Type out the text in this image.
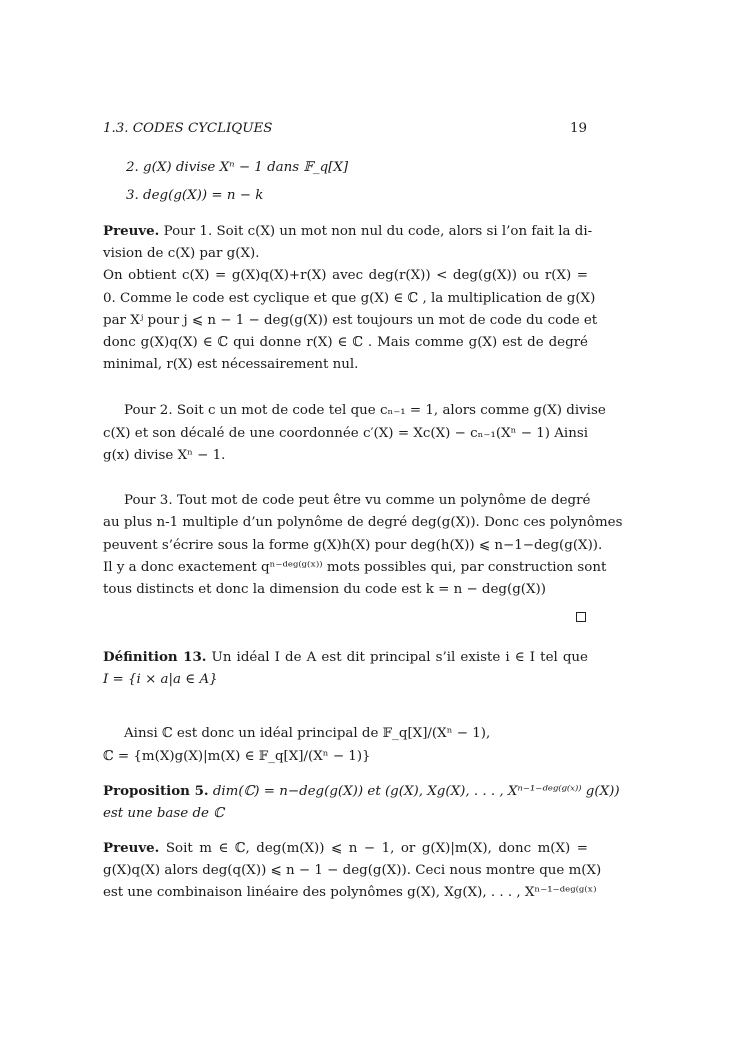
1.3. CODES CYCLIQUES	19
2. g(X) divise Xⁿ − 1 dans 𝔽_q[X]
3. deg(g(X)) = n − k
Preuve. Pour 1. Soit c(X) un mot non nul du code, alors si l’on fait la di-
vision de c(X) par g(X).
On obtient c(X) = g(X)q(X)+r(X) avec deg(r(X)) < deg(g(X)) ou r(X) =
0. Comme le code est cyclique et que g(X) ∈ ℂ , la multiplication de g(X)
par Xʲ pour j ⩽ n − 1 − deg(g(X)) est toujours un mot de code du code et
donc g(X)q(X) ∈ ℂ qui donne r(X) ∈ ℂ . Mais comme g(X) est de degré
minimal, r(X) est nécessairement nul.
Pour 2. Soit c un mot de code tel que cₙ₋₁ = 1, alors comme g(X) divise
c(X) et son décalé de une coordonnée c′(X) = Xc(X) − cₙ₋₁(Xⁿ − 1) Ainsi
g(x) divise Xⁿ − 1.
Pour 3. Tout mot de code peut être vu comme un polynôme de degré
au plus n-1 multiple d’un polynôme de degré deg(g(X)). Donc ces polynômes
peuvent s’écrire sous la forme g(X)h(X) pour deg(h(X)) ⩽ n−1−deg(g(X)).
Il y a donc exactement qⁿ⁻ᵈᵉᵍ⁽ᵍ⁽ˣ⁾⁾ mots possibles qui, par construction sont
tous distincts et donc la dimension du code est k = n − deg(g(X))
Définition 13. Un idéal I de A est dit principal s’il existe i ∈ I tel que
I = {i × a|a ∈ A}
Ainsi ℂ est donc un idéal principal de 𝔽_q[X]/(Xⁿ − 1),
ℂ = {m(X)g(X)|m(X) ∈ 𝔽_q[X]/(Xⁿ − 1)}
Proposition 5. dim(ℂ) = n−deg(g(X)) et (g(X), Xg(X), . . . , Xⁿ⁻¹⁻ᵈᵉᵍ⁽ᵍ⁽ˣ⁾⁾ g(X))
est une base de ℂ
Preuve. Soit m ∈ ℂ, deg(m(X)) ⩽ n − 1, or g(X)|m(X), donc m(X) =
g(X)q(X) alors deg(q(X)) ⩽ n − 1 − deg(g(X)). Ceci nous montre que m(X)
est une combinaison linéaire des polynômes g(X), Xg(X), . . . , Xⁿ⁻¹⁻ᵈᵉᵍ⁽ᵍ⁽ˣ⁾
